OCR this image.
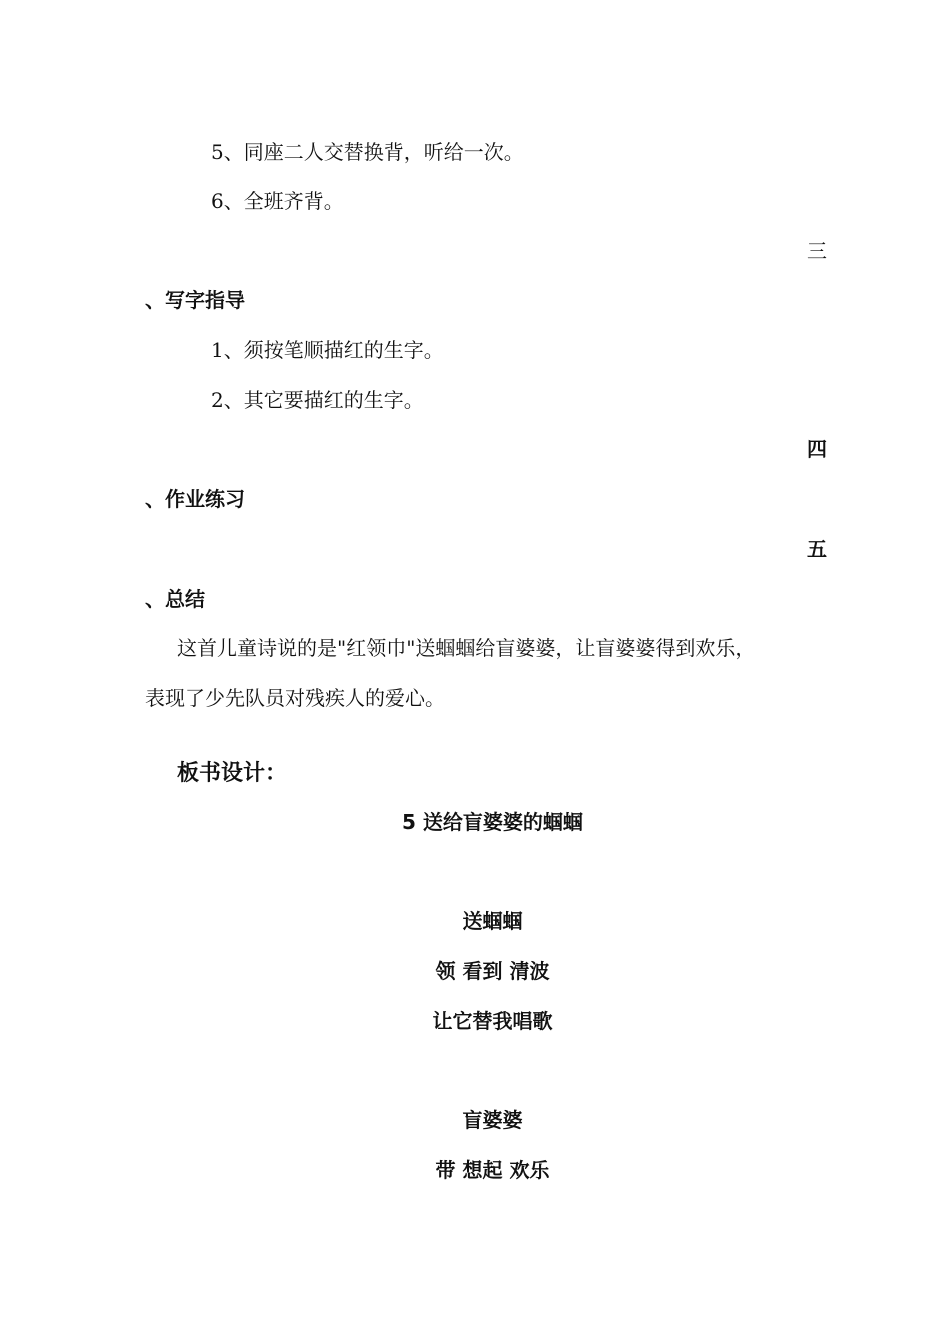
5、同座二人交替换背，听给一次。
6、全班齐背。
三
、写字指导
1、须按笔顺描红的生字。
2、其它要描红的生字。
四
、作业练习
五
、总结
这首儿童诗说的是"红领巾"送蝈蝈给盲婆婆，让盲婆婆得到欢乐，
表现了少先队员对残疾人的爱心。
板书设计：
5 送给盲婆婆的蝈蝈
送蝈蝈
领 看到 清波
让它替我唱歌
盲婆婆
带 想起 欢乐
